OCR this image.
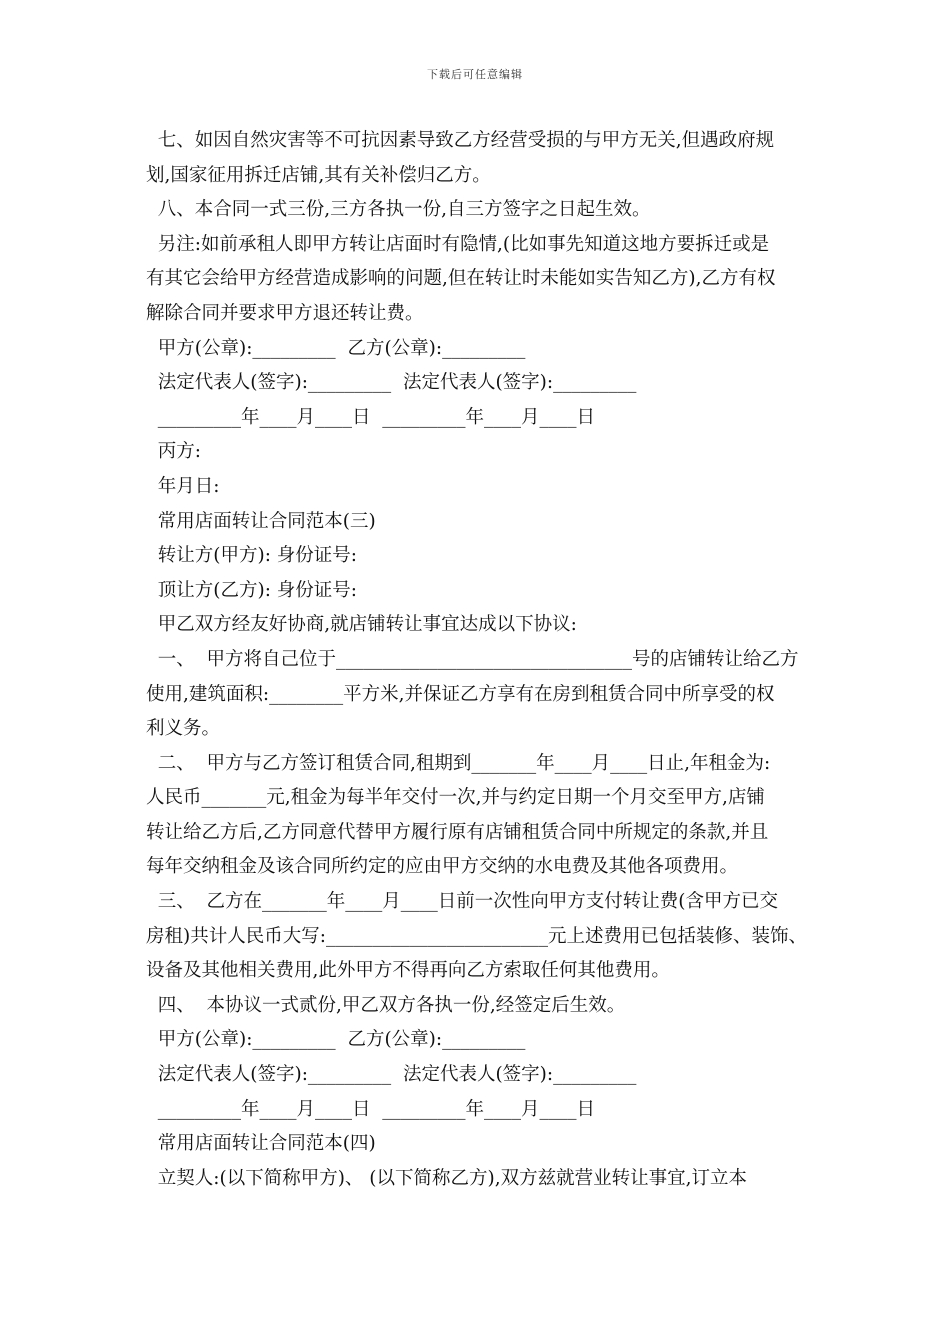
下载后可任意编辑
七、如因自然灾害等不可抗因素导致乙方经营受损的与甲方无关,但遇政府规
划,国家征用拆迁店铺,其有关补偿归乙方。
八、本合同一式三份,三方各执一份,自三方签字之日起生效。
另注:如前承租人即甲方转让店面时有隐情,(比如事先知道这地方要拆迁或是
有其它会给甲方经营造成影响的问题,但在转让时未能如实告知乙方),乙方有权
解除合同并要求甲方退还转让费。
甲方(公章):_________  乙方(公章):_________
法定代表人(签字):_________  法定代表人(签字):_________
_________年____月____日  _________年____月____日
丙方:
年月日:
常用店面转让合同范本(三)
转让方(甲方): 身份证号:
顶让方(乙方): 身份证号:
甲乙双方经友好协商,就店铺转让事宜达成以下协议:
一、  甲方将自己位于________________________________号的店铺转让给乙方
使用,建筑面积:________平方米,并保证乙方享有在房到租赁合同中所享受的权
利义务。
二、  甲方与乙方签订租赁合同,租期到_______年____月____日止,年租金为:
人民币_______元,租金为每半年交付一次,并与约定日期一个月交至甲方,店铺
转让给乙方后,乙方同意代替甲方履行原有店铺租赁合同中所规定的条款,并且
每年交纳租金及该合同所约定的应由甲方交纳的水电费及其他各项费用。
三、  乙方在_______年____月____日前一次性向甲方支付转让费(含甲方已交
房租)共计人民币大写:________________________元上述费用已包括装修、装饰、
设备及其他相关费用,此外甲方不得再向乙方索取任何其他费用。
四、  本协议一式贰份,甲乙双方各执一份,经签定后生效。
甲方(公章):_________  乙方(公章):_________
法定代表人(签字):_________  法定代表人(签字):_________
_________年____月____日  _________年____月____日
常用店面转让合同范本(四)
立契人:(以下简称甲方)、 (以下简称乙方),双方兹就营业转让事宜,订立本
